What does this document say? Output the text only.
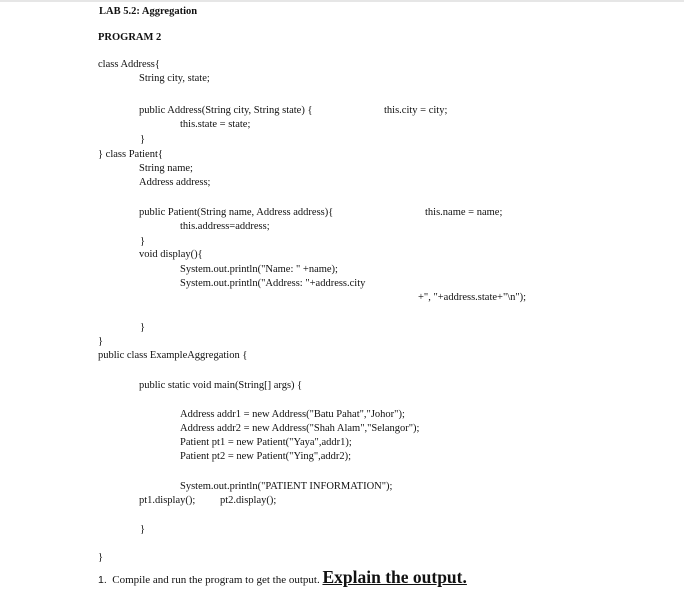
LAB 5.2: Aggregation
PROGRAM 2
class Address{
String city, state;
public Address(String city, String state) {	this.city = city;
this.state = state;
}
} class Patient{
String name;
Address address;
public Patient(String name, Address address){	this.name = name;
this.address=address;
}
void display(){
System.out.println("Name: " +name);
System.out.println("Address: "+address.city
+", "+address.state+"\n");
}
}
public class ExampleAggregation {
public static void main(String[] args) {
Address addr1 = new Address("Batu Pahat","Johor");
Address addr2 = new Address("Shah Alam","Selangor");
Patient pt1 = new Patient("Yaya",addr1);
Patient pt2 = new Patient("Ying",addr2);
System.out.println("PATIENT INFORMATION");
pt1.display(); pt2.display();
}
}
1. Compile and run the program to get the output. Explain the output.
